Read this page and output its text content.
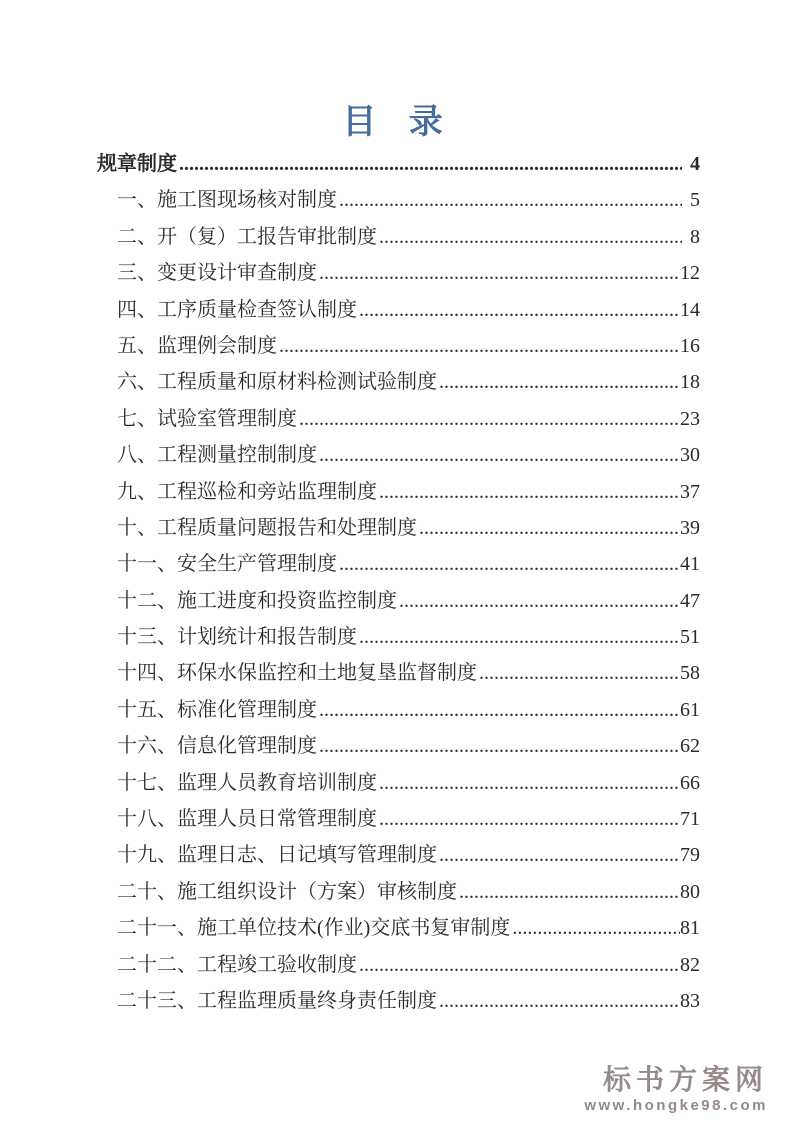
目 录
规章制度 .....	4
一、施工图现场核对制度 .....	5
二、开（复）工报告审批制度 .....	8
三、变更设计审查制度 .....	12
四、工序质量检查签认制度 .....	14
五、监理例会制度 .....	16
六、工程质量和原材料检测试验制度 .....	18
七、试验室管理制度 .....	23
八、工程测量控制制度 .....	30
九、工程巡检和旁站监理制度 .....	37
十、工程质量问题报告和处理制度 .....	39
十一、安全生产管理制度 .....	41
十二、施工进度和投资监控制度 .....	47
十三、计划统计和报告制度 .....	51
十四、环保水保监控和土地复垦监督制度 .....	58
十五、标准化管理制度 .....	61
十六、信息化管理制度 .....	62
十七、监理人员教育培训制度 .....	66
十八、监理人员日常管理制度 .....	71
十九、监理日志、日记填写管理制度 .....	79
二十、施工组织设计（方案）审核制度 .....	80
二十一、施工单位技术(作业)交底书复审制度 .....	81
二十二、工程竣工验收制度 .....	82
二十三、工程监理质量终身责任制度 .....	83
标书方案网
www.hongke98.com
